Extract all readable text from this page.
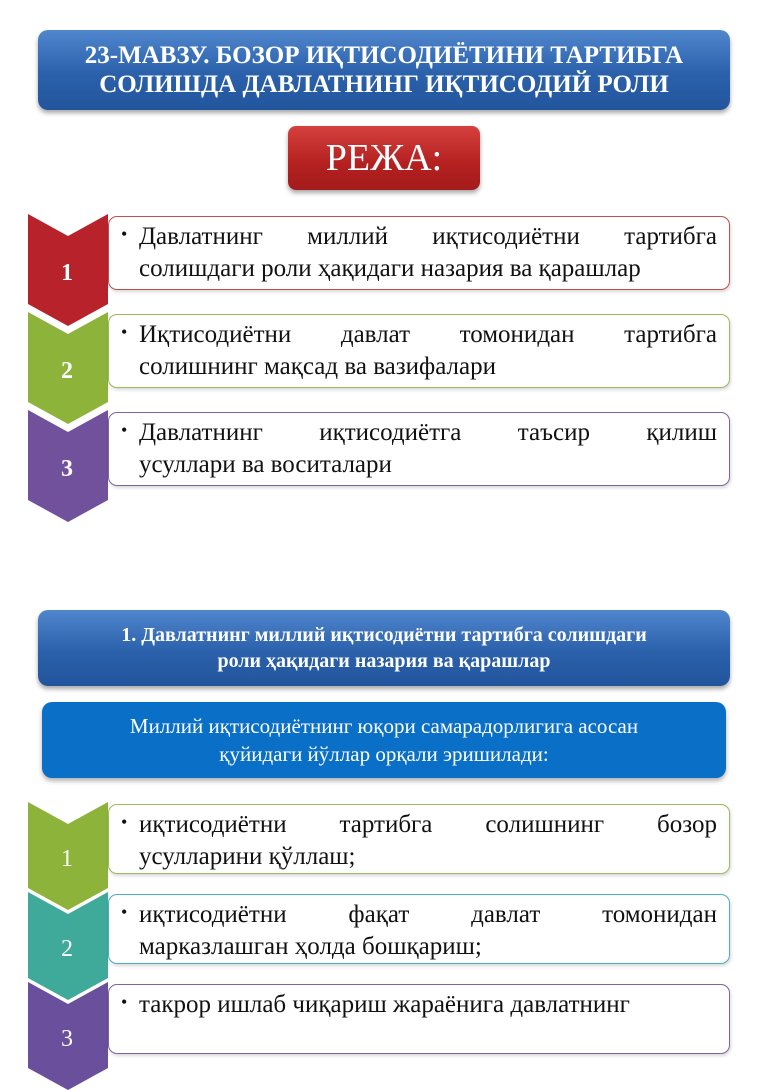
23-МАВЗУ. БОЗОР ИҚТИСОДИЁТИНИ ТАРТИБГА
СОЛИШДА ДАВЛАТНИНГ ИҚТИСОДИЙ РОЛИ
РЕЖА:
1
• Давлатнинг миллий иқтисодиётни тартибга
солишдаги роли ҳақидаги назария ва қарашлар
2
• Иқтисодиётни давлат томонидан тартибга
солишнинг мақсад ва вазифалари
3
• Давлатнинг иқтисодиётга таъсир қилиш
усуллари ва воситалари
1. Давлатнинг миллий иқтисодиётни тартибга солишдаги
роли ҳақидаги назария ва қарашлар
Миллий иқтисодиётнинг юқори самарадорлигига асосан
қуйидаги йўллар орқали эришилади:
1
• иқтисодиётни тартибга солишнинг бозор
усулларини қўллаш;
2
• иқтисодиётни фақат давлат томонидан
марказлашган ҳолда бошқариш;
3
• такрор ишлаб чиқариш жараёнига давлатнинг
